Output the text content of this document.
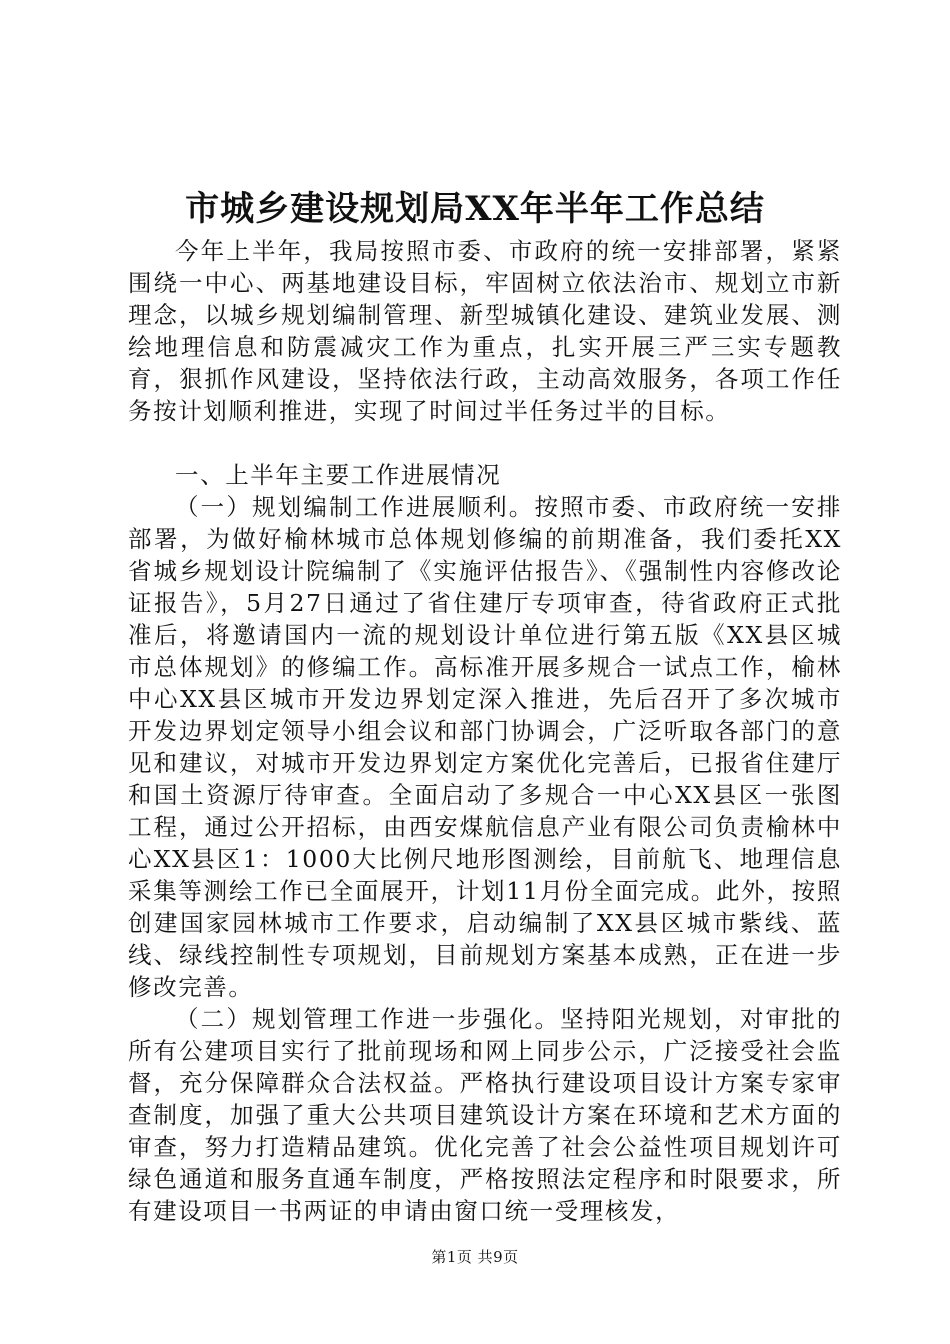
市城乡建设规划局XX年半年工作总结

今年上半年，我局按照市委、市政府的统一安排部署，紧紧围绕一中心、两基地建设目标，牢固树立依法治市、规划立市新理念，以城乡规划编制管理、新型城镇化建设、建筑业发展、测绘地理信息和防震减灾工作为重点，扎实开展三严三实专题教育，狠抓作风建设，坚持依法行政，主动高效服务，各项工作任务按计划顺利推进，实现了时间过半任务过半的目标。

一、上半年主要工作进展情况

（一）规划编制工作进展顺利。按照市委、市政府统一安排部署，为做好榆林城市总体规划修编的前期准备，我们委托XX省城乡规划设计院编制了《实施评估报告》、《强制性内容修改论证报告》，5月27日通过了省住建厅专项审查，待省政府正式批准后，将邀请国内一流的规划设计单位进行第五版《XX县区城市总体规划》的修编工作。高标准开展多规合一试点工作，榆林中心XX县区城市开发边界划定深入推进，先后召开了多次城市开发边界划定领导小组会议和部门协调会，广泛听取各部门的意见和建议，对城市开发边界划定方案优化完善后，已报省住建厅和国土资源厅待审查。全面启动了多规合一中心XX县区一张图工程，通过公开招标，由西安煤航信息产业有限公司负责榆林中心XX县区1：1000大比例尺地形图测绘，目前航飞、地理信息采集等测绘工作已全面展开，计划11月份全面完成。此外，按照创建国家园林城市工作要求，启动编制了XX县区城市紫线、蓝线、绿线控制性专项规划，目前规划方案基本成熟，正在进一步修改完善。

（二）规划管理工作进一步强化。坚持阳光规划，对审批的所有公建项目实行了批前现场和网上同步公示，广泛接受社会监督，充分保障群众合法权益。严格执行建设项目设计方案专家审查制度，加强了重大公共项目建筑设计方案在环境和艺术方面的审查，努力打造精品建筑。优化完善了社会公益性项目规划许可绿色通道和服务直通车制度，严格按照法定程序和时限要求，所有建设项目一书两证的申请由窗口统一受理核发，

第1页 共9页
